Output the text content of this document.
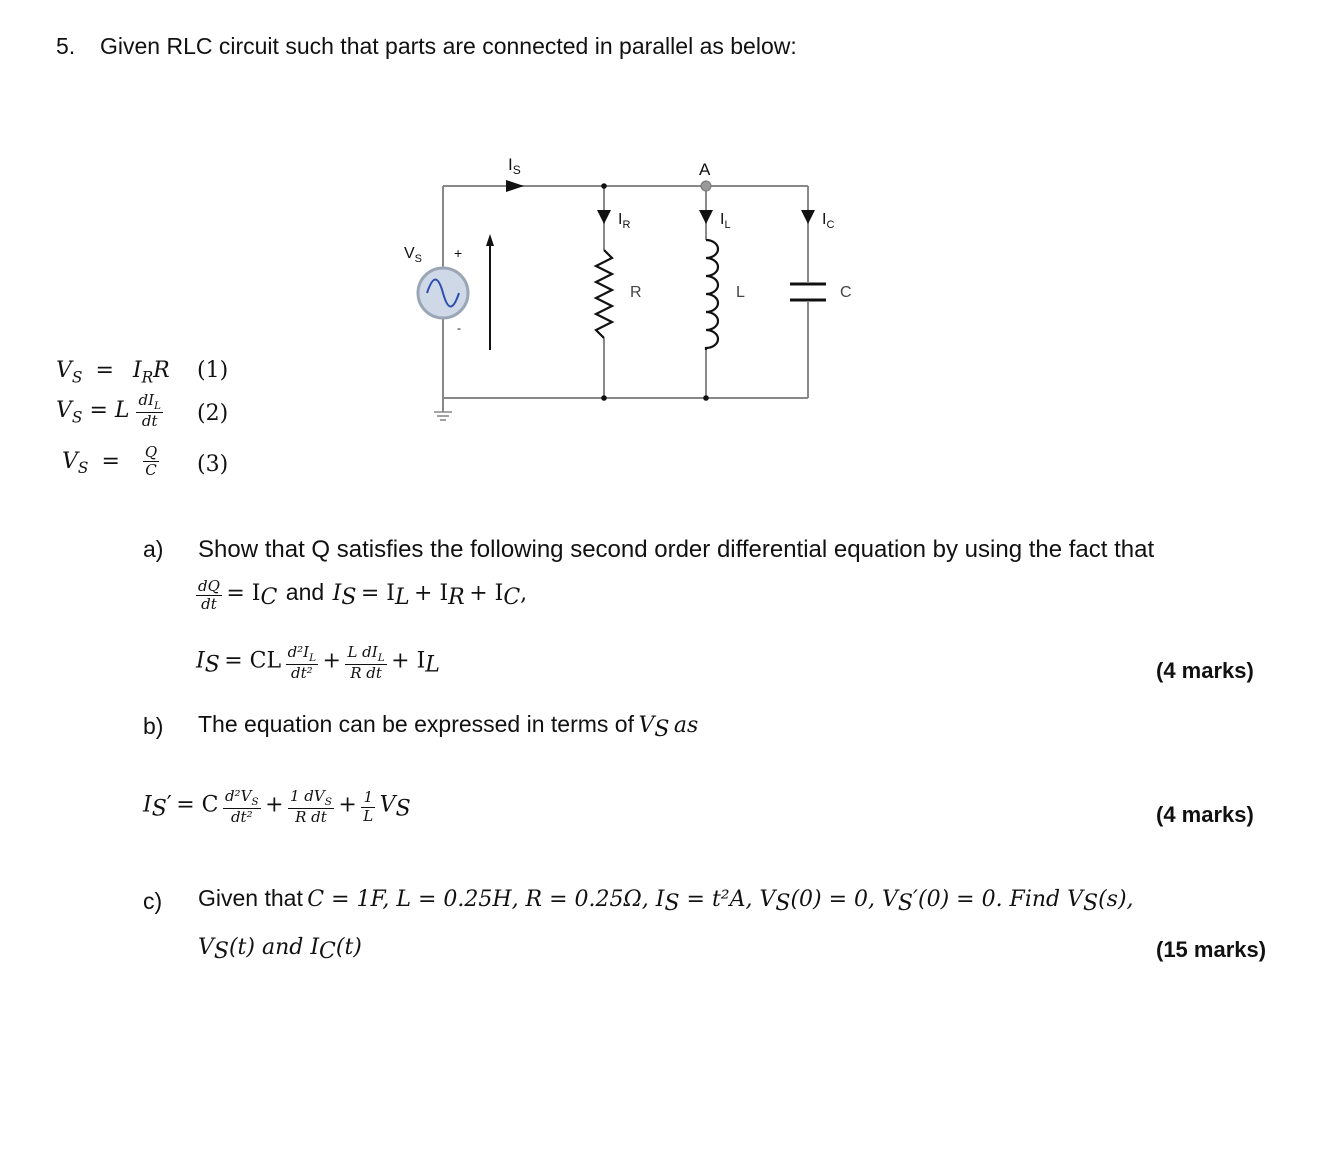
5. Given RLC circuit such that parts are connected in parallel as below:
$I_S$	A
$I_R$	$I_L$	$I_C$
$V_S$ +
-
R	L	C
$V_S = I_RR$ (1)
$V_S = L \frac{dI_L}{dt} (2)$
$V_S = \frac{Q}{C} (3)$
a) Show that Q satisfies the following second order differential equation by using the fact that
$\frac{dQ}{dt} = I_C$ and $I_S = I_L + I_R + I_C$,
$I_S$ = CL $\frac{d^2I_L}{\text{dt²}} + \frac{L dI_L}{\text{R dt}} + I_L$	(4 marks)
b) The equation can be expressed in terms of $V_S$ as
$I_S' = C \frac{d^2V_S}{\text{dt²}} + \frac{1 dV_S}{\text{R dt}} + \frac{1}{L} V_S$	(4 marks)
c) Given that C = 1F, L = 0.25H, R = 0.25Ω, $I_S = t^2A$, $V_S(0) = 0$, $V_S'(0) = 0$. Find $V_S(s)$,
$V_S(t)$ and $I_C(t)$	(15 marks)
